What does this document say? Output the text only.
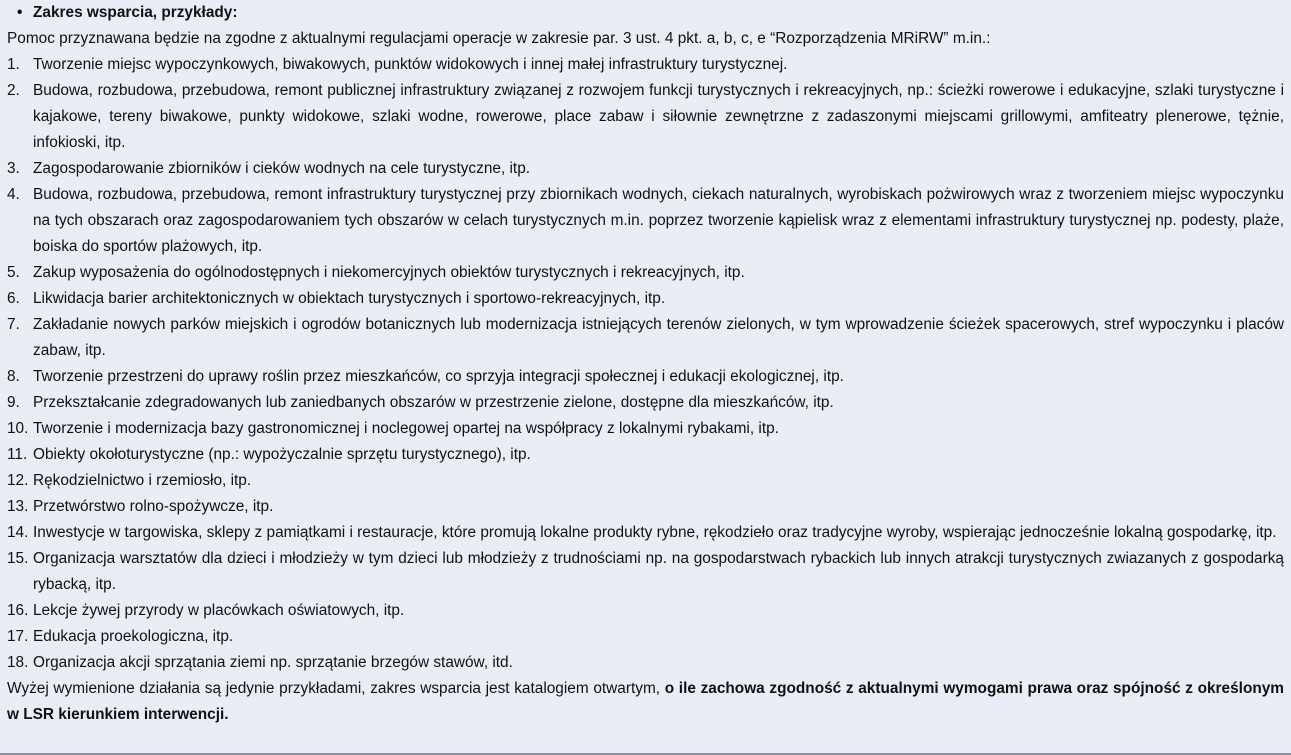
• Zakres wsparcia, przykłady:
Pomoc przyznawana będzie na zgodne z aktualnymi regulacjami operacje w zakresie par. 3 ust. 4 pkt. a, b, c, e “Rozporządzenia MRiRW” m.in.:
1. Tworzenie miejsc wypoczynkowych, biwakowych, punktów widokowych i innej małej infrastruktury turystycznej.
2. Budowa, rozbudowa, przebudowa, remont publicznej infrastruktury związanej z rozwojem funkcji turystycznych i rekreacyjnych, np.: ścieżki rowerowe i edukacyjne, szlaki turystyczne i kajakowe, tereny biwakowe, punkty widokowe, szlaki wodne, rowerowe, place zabaw i siłownie zewnętrzne z zadaszonymi miejscami grillowymi, amfiteatry plenerowe, tężnie, infokioski, itp.
3. Zagospodarowanie zbiorników i cieków wodnych na cele turystyczne, itp.
4. Budowa, rozbudowa, przebudowa, remont infrastruktury turystycznej przy zbiornikach wodnych, ciekach naturalnych, wyrobiskach pożwirowych wraz z tworzeniem miejsc wypoczynku na tych obszarach oraz zagospodarowaniem tych obszarów w celach turystycznych m.in. poprzez tworzenie kąpielisk wraz z elementami infrastruktury turystycznej np. podesty, plaże, boiska do sportów plażowych, itp.
5. Zakup wyposażenia do ogólnodostępnych i niekomercyjnych obiektów turystycznych i rekreacyjnych, itp.
6. Likwidacja barier architektonicznych w obiektach turystycznych i sportowo-rekreacyjnych, itp.
7. Zakładanie nowych parków miejskich i ogrodów botanicznych lub modernizacja istniejących terenów zielonych, w tym wprowadzenie ścieżek spacerowych, stref wypoczynku i placów zabaw, itp.
8. Tworzenie przestrzeni do uprawy roślin przez mieszkańców, co sprzyja integracji społecznej i edukacji ekologicznej, itp.
9. Przekształcanie zdegradowanych lub zaniedbanych obszarów w przestrzenie zielone, dostępne dla mieszkańców, itp.
10. Tworzenie i modernizacja bazy gastronomicznej i noclegowej opartej na współpracy z lokalnymi rybakami, itp.
11. Obiekty okołoturystyczne (np.: wypożyczalnie sprzętu turystycznego), itp.
12. Rękodzielnictwo i rzemiosło, itp.
13. Przetwórstwo rolno-spożywcze, itp.
14. Inwestycje w targowiska, sklepy z pamiątkami i restauracje, które promują lokalne produkty rybne, rękodzieło oraz tradycyjne wyroby, wspierając jednocześnie lokalną gospodarkę, itp.
15. Organizacja warsztatów dla dzieci i młodzieży w tym dzieci lub młodzieży z trudnościami np. na gospodarstwach rybackich lub innych atrakcji turystycznych zwiazanych z gospodarką rybacką, itp.
16. Lekcje żywej przyrody w placówkach oświatowych, itp.
17. Edukacja proekologiczna, itp.
18. Organizacja akcji sprzątania ziemi np. sprzątanie brzegów stawów, itd.
Wyżej wymienione działania są jedynie przykładami, zakres wsparcia jest katalogiem otwartym, o ile zachowa zgodność z aktualnymi wymogami prawa oraz spójność z określonym w LSR kierunkiem interwencji.
